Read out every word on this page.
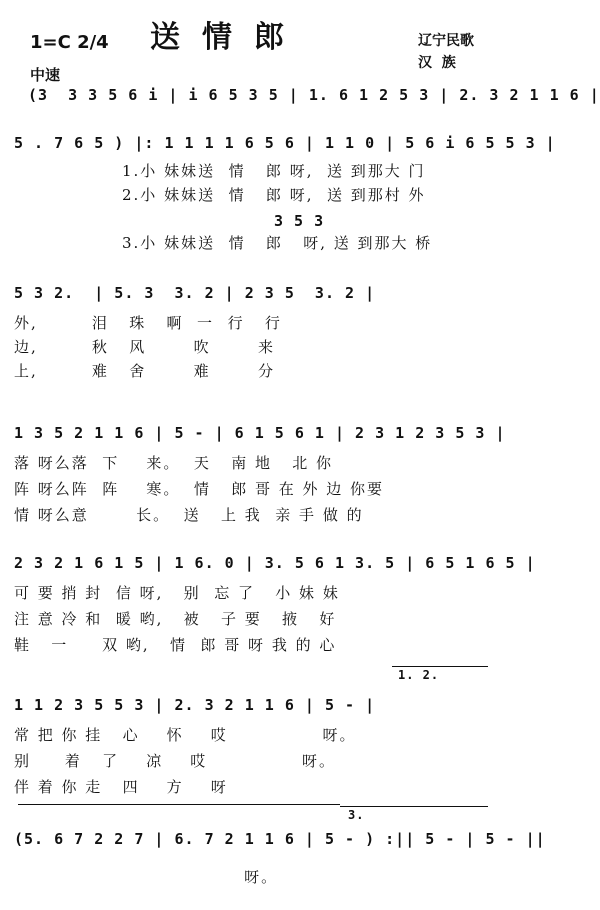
1=C 2/4 送情郎	辽宁民歌
汉  族
中速
(3  3 3 5 6 i | i 6 5 3 5 | 1. 6 1 2 5 3 | 2. 3 2 1 1 6 |
5 . 7 6 5 ) |: 1 1 1 1 6 5 6 | 1 1 0 | 5 6 i 6 5 5 3 |
1.小 妹妹送  情   郎 呀,  送 到那大 门
2.小 妹妹送  情   郎 呀,  送 到那村 外
3 5 3
3.小 妹妹送  情   郎   呀, 送 到那大 桥
5 3 2.  | 5. 3  3. 2 | 2 3 5  3. 2 |
外,        泪   珠   啊  一  行   行
边,        秋   风       吹       来
上,        难   舍       难       分
1 3 5 2 1 1 6 | 5 - | 6 1 5 6 1 | 2 3 1 2 3 5 3 |
落 呀么落  下    来。  天   南 地   北 你
阵 呀么阵  阵    寒。  情   郎 哥 在 外 边 你要
情 呀么意       长。  送   上 我  亲 手 做 的
2 3 2 1 6 1 5 | 1 6. 0 | 3. 5 6 1 3. 5 | 6 5 1 6 5 |
可 要 捎 封  信 呀,   别  忘 了   小 妹 妹
注 意 冷 和  暖 哟,   被   子 要   掖   好
鞋   一     双 哟,   情  郎 哥 呀 我 的 心
1. 2.
1 1 2 3 5 5 3 | 2. 3 2 1 1 6 | 5 - |
常 把 你 挂   心    怀    哎              呀。
别     着   了    凉    哎              呀。
伴 着 你 走   四    方    呀
3.
(5. 6 7 2 2 7 | 6. 7 2 1 1 6 | 5 - ) :|| 5 - | 5 - ||
呀。
